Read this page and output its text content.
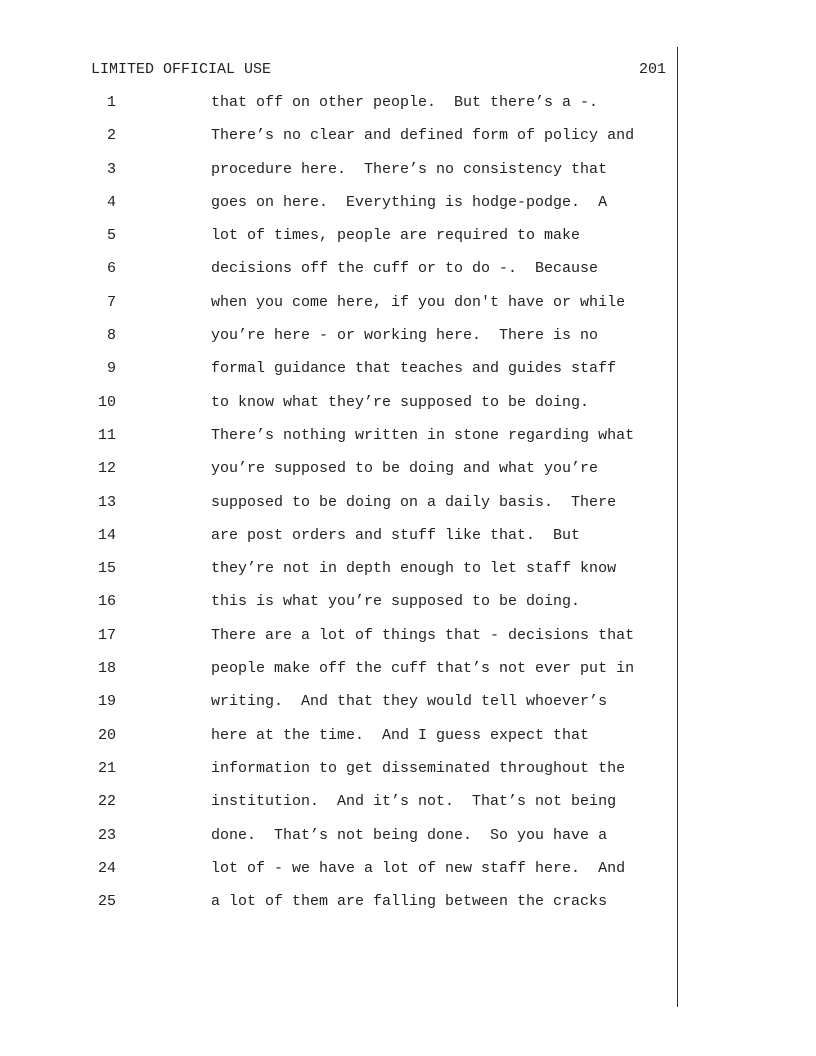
LIMITED OFFICIAL USE	201
1	that off on other people.  But there’s a -.
2	There’s no clear and defined form of policy and
3	procedure here.  There’s no consistency that
4	goes on here.  Everything is hodge-podge.  A
5	lot of times, people are required to make
6	decisions off the cuff or to do -.  Because
7	when you come here, if you don't have or while
8	you’re here - or working here.  There is no
9	formal guidance that teaches and guides staff
10	to know what they’re supposed to be doing.
11	There’s nothing written in stone regarding what
12	you’re supposed to be doing and what you’re
13	supposed to be doing on a daily basis.  There
14	are post orders and stuff like that.  But
15	they’re not in depth enough to let staff know
16	this is what you’re supposed to be doing.
17	There are a lot of things that - decisions that
18	people make off the cuff that’s not ever put in
19	writing.  And that they would tell whoever’s
20	here at the time.  And I guess expect that
21	information to get disseminated throughout the
22	institution.  And it’s not.  That’s not being
23	done.  That’s not being done.  So you have a
24	lot of - we have a lot of new staff here.  And
25	a lot of them are falling between the cracks
